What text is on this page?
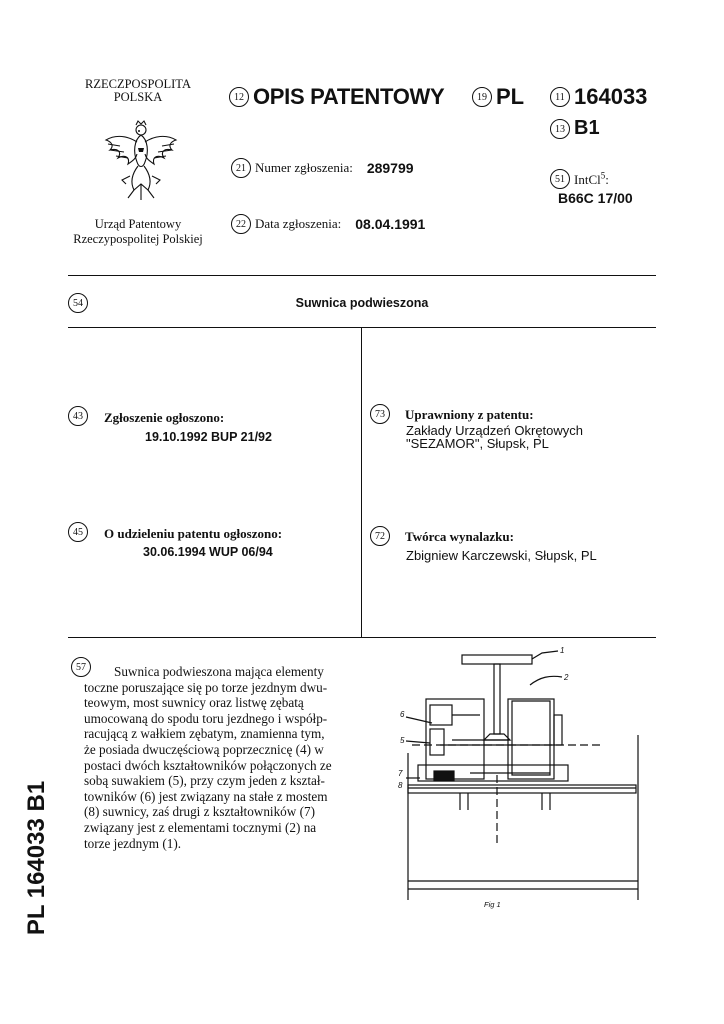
RZECZPOSPOLITA
POLSKA
Urząd Patentowy
Rzeczypospolitej Polskiej
12 OPIS PATENTOWY	19 PL	11 164033
13 B1
21 Numer zgłoszenia: 289799
22 Data zgłoszenia: 08.04.1991
51 IntCl$^5$:
B66C 17/00
54	Suwnica podwieszona
43	Zgłoszenie ogłoszono:
19.10.1992 BUP 21/92
45	O udzieleniu patentu ogłoszono:
30.06.1994 WUP 06/94
73	Uprawniony z patentu:
Zakłady Urządzeń Okrętowych
"SEZAMOR", Słupsk, PL
72	Twórca wynalazku:
Zbigniew Karczewski, Słupsk, PL
57	Suwnica podwieszona mająca elementy
toczne poruszające się po torze jezdnym dwu-
teowym, most suwnicy oraz listwę zębatą
umocowaną do spodu toru jezdnego i współp-
racującą z wałkiem zębatym, znamienna tym,
że posiada dwuczęściową poprzecznicę (4) w
postaci dwóch kształtowników połączonych ze
sobą suwakiem (5), przy czym jeden z kształ-
towników (6) jest związany na stałe z mostem
(8) suwnicy, zaś drugi z kształtowników (7)
związany jest z elementami tocznymi (2) na
torze jezdnym (1).
PL 164033 B1
1
2
6
5
7
8
Fig 1
